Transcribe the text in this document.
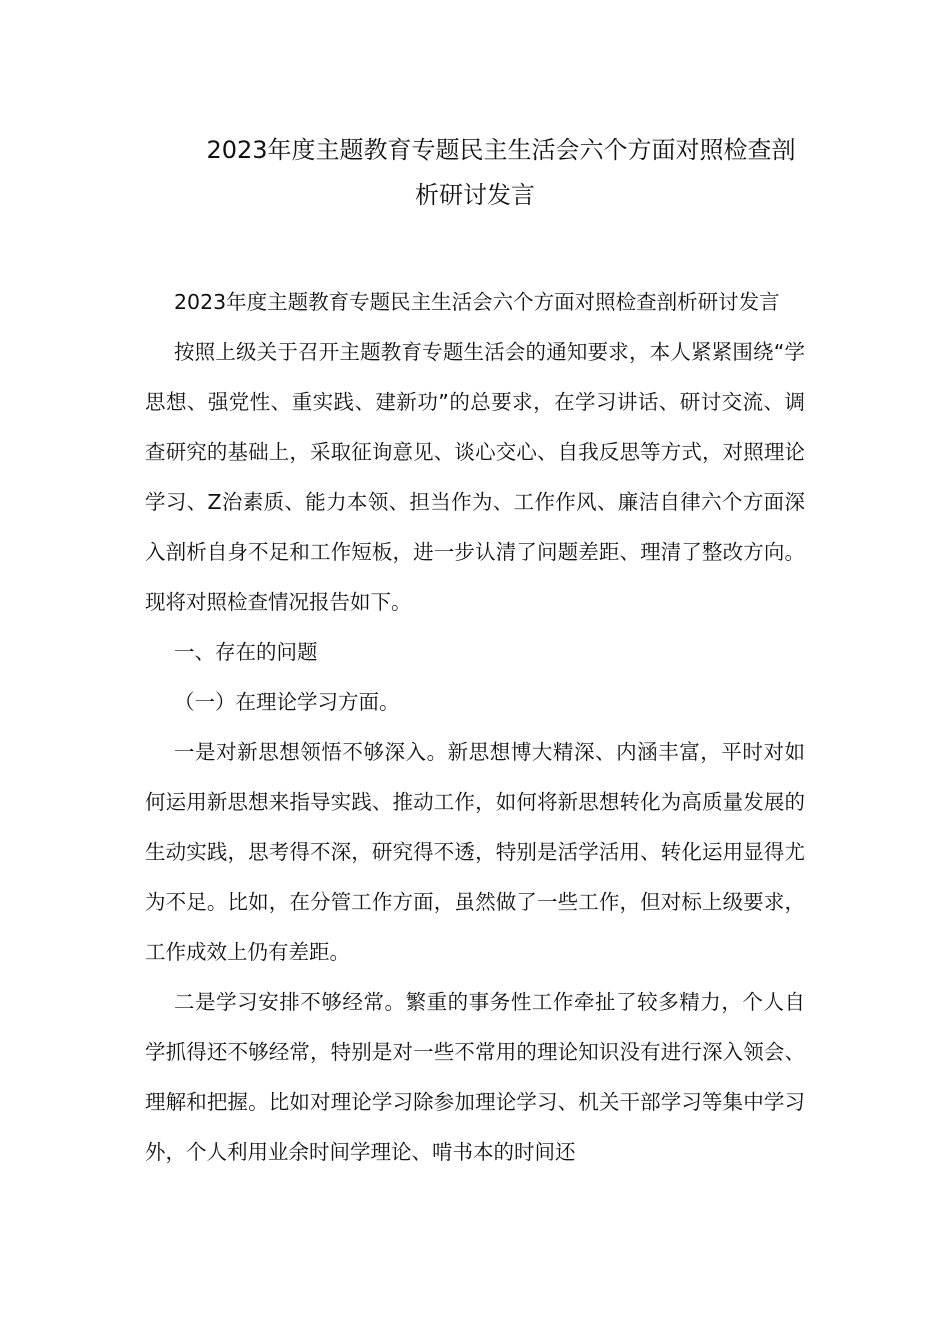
2023年度主题教育专题民主生活会六个方面对照检查剖析研讨发言

2023年度主题教育专题民主生活会六个方面对照检查剖析研讨发言

按照上级关于召开主题教育专题生活会的通知要求，本人紧紧围绕“学思想、强党性、重实践、建新功”的总要求，在学习讲话、研讨交流、调查研究的基础上，采取征询意见、谈心交心、自我反思等方式，对照理论学习、Z治素质、能力本领、担当作为、工作作风、廉洁自律六个方面深入剖析自身不足和工作短板，进一步认清了问题差距、理清了整改方向。现将对照检查情况报告如下。

一、存在的问题

（一）在理论学习方面。

一是对新思想领悟不够深入。新思想博大精深、内涵丰富，平时对如何运用新思想来指导实践、推动工作，如何将新思想转化为高质量发展的生动实践，思考得不深，研究得不透，特别是活学活用、转化运用显得尤为不足。比如，在分管工作方面，虽然做了一些工作，但对标上级要求，工作成效上仍有差距。

二是学习安排不够经常。繁重的事务性工作牵扯了较多精力，个人自学抓得还不够经常，特别是对一些不常用的理论知识没有进行深入领会、理解和把握。比如对理论学习除参加理论学习、机关干部学习等集中学习外，个人利用业余时间学理论、啃书本的时间还
